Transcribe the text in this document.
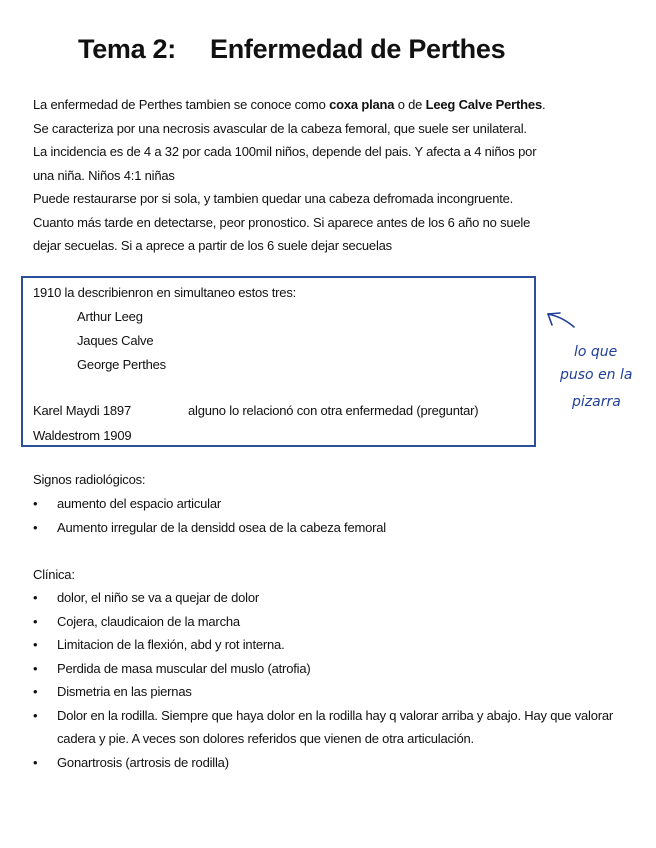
Tema 2: Enfermedad de Perthes

La enfermedad de Perthes tambien se conoce como coxa plana o de Leeg Calve Perthes.

Se caracteriza por una necrosis avascular de la cabeza femoral, que suele ser unilateral.

La incidencia es de 4 a 32 por cada 100mil niños, depende del pais. Y afecta a 4 niños por

una niña. Niños 4:1 niñas

Puede restaurarse por si sola, y tambien quedar una cabeza defromada incongruente.

Cuanto más tarde en detectarse, peor pronostico. Si aparece antes de los 6 año no suele

dejar secuelas. Si a aprece a partir de los 6 suele dejar secuelas

1910 la describienron en simultaneo estos tres:
Arthur Leeg
Jaques Calve
George Perthes
Karel Maydi 1897	alguno lo relacionó con otra enfermedad (preguntar)
Waldestrom 1909
lo que
puso en la
pizarra
Signos radiológicos:
• aumento del espacio articular
• Aumento irregular de la densidd osea de la cabeza femoral
Clínica:
• dolor, el niño se va a quejar de dolor
• Cojera, claudicaion de la marcha
• Limitacion de la flexión, abd y rot interna.
• Perdida de masa muscular del muslo (atrofia)
• Dismetria en las piernas
• Dolor en la rodilla. Siempre que haya dolor en la rodilla hay q valorar arriba y abajo. Hay que valorar cadera y pie. A veces son dolores referidos que vienen de otra articulación.
• Gonartrosis (artrosis de rodilla)
